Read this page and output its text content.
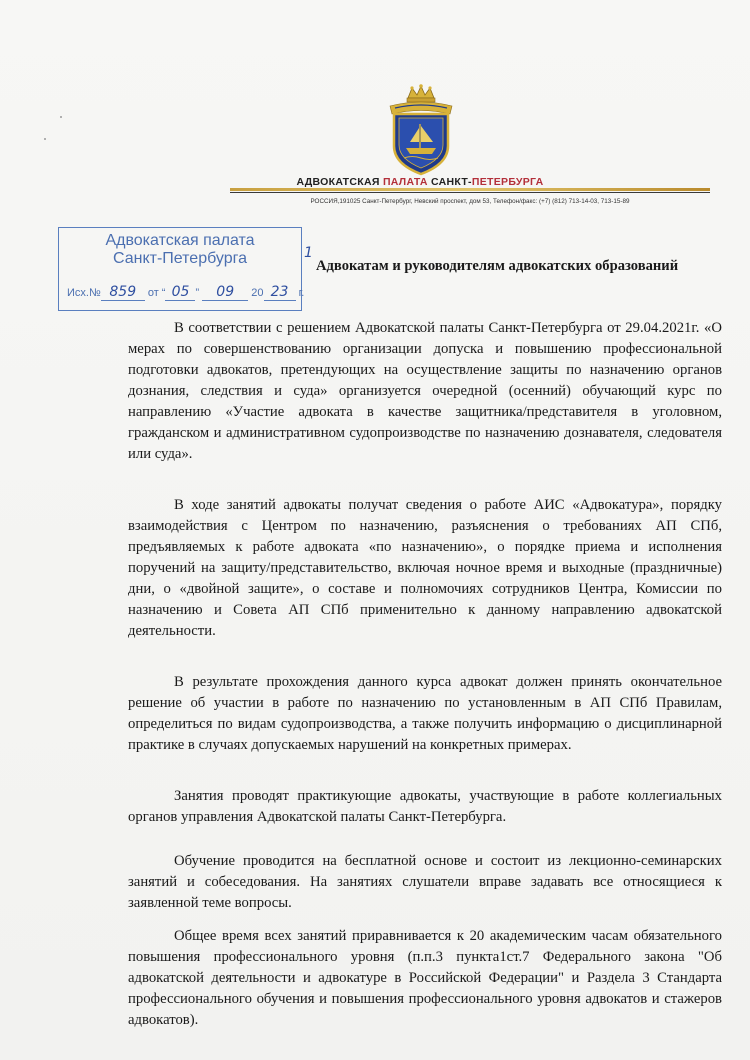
АДВОКАТСКАЯ ПАЛАТА САНКТ-ПЕТЕРБУРГА
РОССИЯ,191025 Санкт-Петербург, Невский проспект, дом 53, Телефон/факс: (+7) (812) 713-14-03, 713-15-89
Адвокатская палата
Санкт-Петербурга
Исх.№ 859 от “ 05 ” 09 20 23 г.
1
Адвокатам и руководителям адвокатских образований

В соответствии с решением Адвокатской палаты Санкт-Петербурга от 29.04.2021г. «О мерах по совершенствованию организации допуска и повышению профессиональной подготовки адвокатов, претендующих на осуществление защиты по назначению органов дознания, следствия и суда» организуется очередной (осенний) обучающий курс по направлению «Участие адвоката в качестве защитника/представителя в уголовном, гражданском и административном судопроизводстве по назначению дознавателя, следователя или суда».

В ходе занятий адвокаты получат сведения о работе АИС «Адвокатура», порядку взаимодействия с Центром по назначению, разъяснения о требованиях АП СПб, предъявляемых к работе адвоката «по назначению», о порядке приема и исполнения поручений на защиту/представительство, включая ночное время и выходные (праздничные) дни, о «двойной защите», о составе и полномочиях сотрудников Центра, Комиссии по назначению и Совета АП СПб применительно к данному направлению адвокатской деятельности.

В результате прохождения данного курса адвокат должен принять окончательное решение об участии в работе по назначению по установленным в АП СПб Правилам, определиться по видам судопроизводства, а также получить информацию о дисциплинарной практике в случаях допускаемых нарушений на конкретных примерах.

Занятия проводят практикующие адвокаты, участвующие в работе коллегиальных органов управления Адвокатской палаты Санкт-Петербурга.

Обучение проводится на бесплатной основе и состоит из лекционно-семинарских занятий и собеседования. На занятиях слушатели вправе задавать все относящиеся к заявленной теме вопросы.

Общее время всех занятий приравнивается к 20 академическим часам обязательного повышения профессионального уровня (п.п.3 пункта1ст.7 Федерального закона "Об адвокатской деятельности и адвокатуре в Российской Федерации" и Раздела 3 Стандарта профессионального обучения и повышения профессионального уровня адвокатов и стажеров адвокатов).
